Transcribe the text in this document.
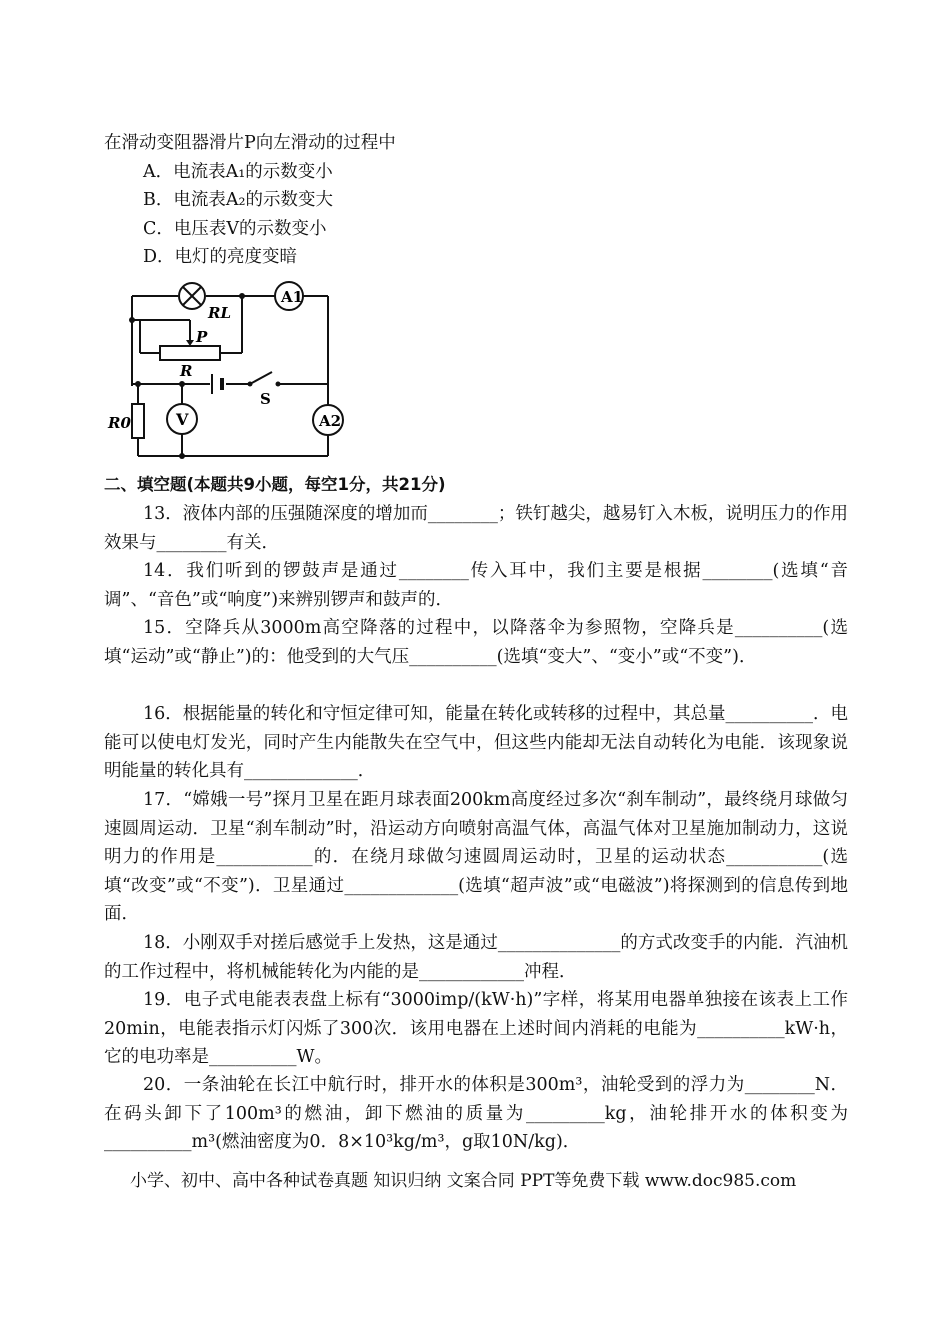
在滑动变阻器滑片P向左滑动的过程中
A．电流表A₁的示数变小
B．电流表A₂的示数变大
C．电压表V的示数变小
D．电灯的亮度变暗
RL
A1
P
R
S
R0	V	A2
二、填空题(本题共9小题，每空1分，共21分)

13．液体内部的压强随深度的增加而________；铁钉越尖，越易钉入木板，说明压力的作用效果与________有关．

14．我们听到的锣鼓声是通过________传入耳中，我们主要是根据________(选填“音调”、“音色”或“响度”)来辨别锣声和鼓声的．

15．空降兵从3000m高空降落的过程中，以降落伞为参照物，空降兵是__________(选填“运动”或“静止”)的：他受到的大气压__________(选填“变大”、“变小”或“不变”)．

16．根据能量的转化和守恒定律可知，能量在转化或转移的过程中，其总量__________．电能可以使电灯发光，同时产生内能散失在空气中，但这些内能却无法自动转化为电能．该现象说明能量的转化具有_____________．

17．“嫦娥一号”探月卫星在距月球表面200km高度经过多次“刹车制动”，最终绕月球做匀速圆周运动．卫星“刹车制动”时，沿运动方向喷射高温气体，高温气体对卫星施加制动力，这说明力的作用是___________的．在绕月球做匀速圆周运动时，卫星的运动状态___________(选填“改变”或“不变”)．卫星通过_____________(选填“超声波”或“电磁波”)将探测到的信息传到地面．

18．小刚双手对搓后感觉手上发热，这是通过______________的方式改变手的内能．汽油机的工作过程中，将机械能转化为内能的是____________冲程．

19．电子式电能表表盘上标有“3000imp/(kW·h)”字样，将某用电器单独接在该表上工作20min，电能表指示灯闪烁了300次．该用电器在上述时间内消耗的电能为__________kW·h，它的电功率是__________W。

20．一条油轮在长江中航行时，排开水的体积是300m³，油轮受到的浮力为________N．在码头卸下了100m³的燃油，卸下燃油的质量为_________kg，油轮排开水的体积变为__________m³(燃油密度为0．8×10³kg/m³，g取10N/kg)．

小学、初中、高中各种试卷真题 知识归纳 文案合同 PPT等免费下载 www.doc985.com
